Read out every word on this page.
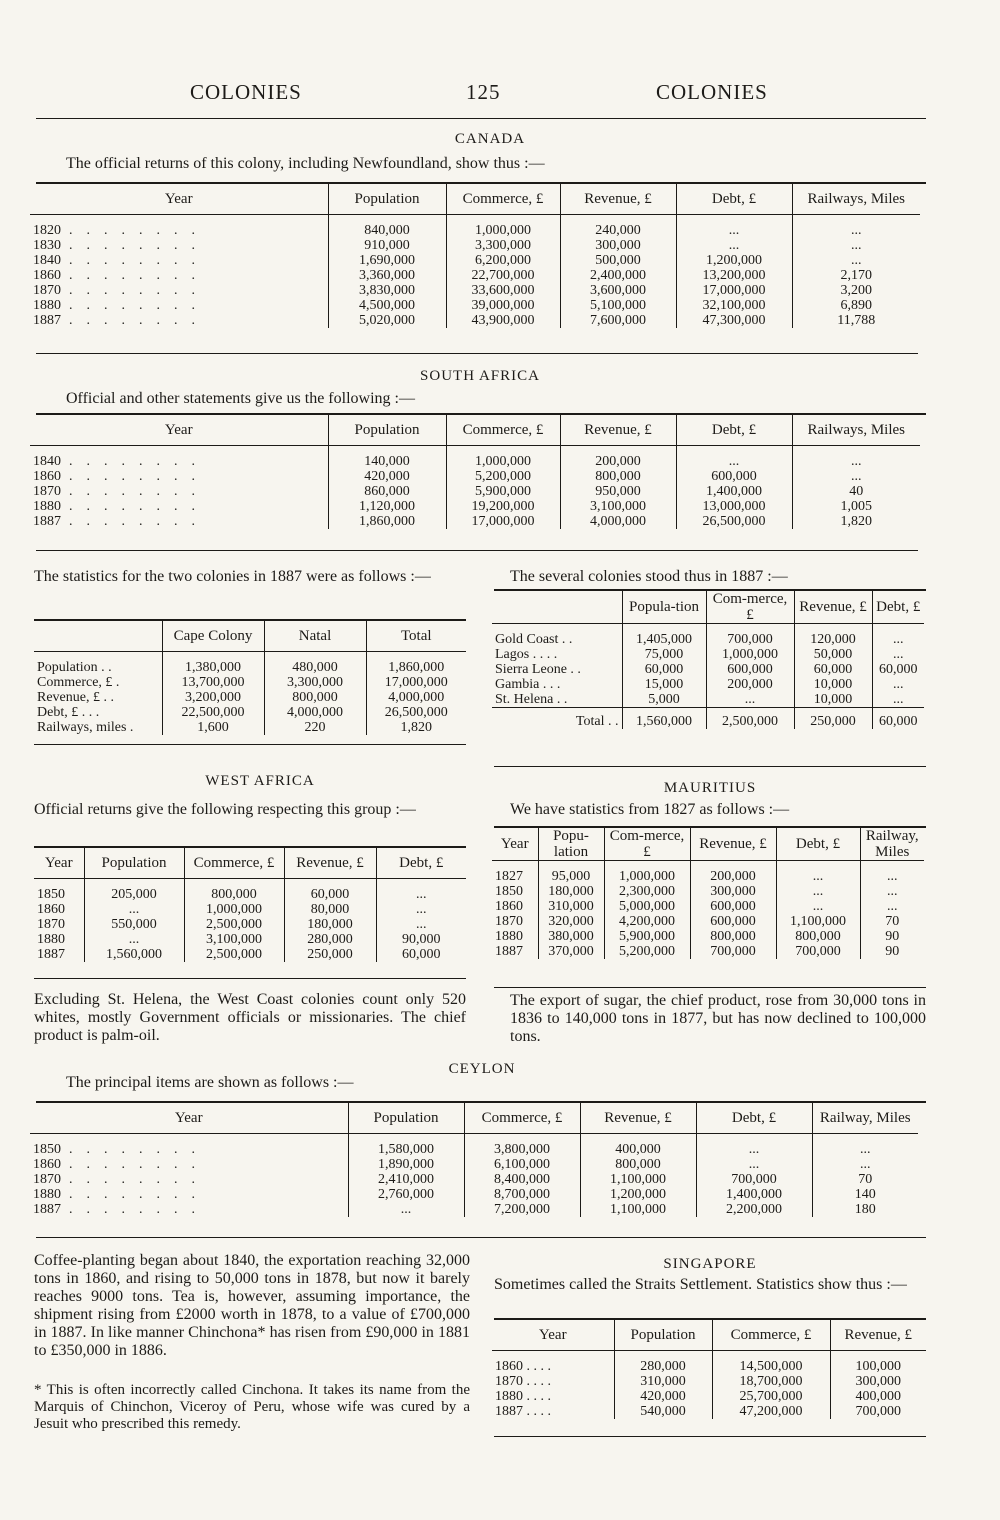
COLONIES	125	COLONIES
CANADA
The official returns of this colony, including Newfoundland, show thus :—
Year	Population	Commerce, £	Revenue, £	Debt, £	Railways, Miles
1820 ........	840,000	1,000,000	240,000	...	...
1830 ........	910,000	3,300,000	300,000	...	...
1840 ........	1,690,000	6,200,000	500,000	1,200,000	...
1860 ........	3,360,000	22,700,000	2,400,000	13,200,000	2,170
1870 ........	3,830,000	33,600,000	3,600,000	17,000,000	3,200
1880 ........	4,500,000	39,000,000	5,100,000	32,100,000	6,890
1887 ........	5,020,000	43,900,000	7,600,000	47,300,000	11,788
SOUTH AFRICA
Official and other statements give us the following :—
Year	Population	Commerce, £	Revenue, £	Debt, £	Railways, Miles
1840 ........	140,000	1,000,000	200,000	...	...
1860 ........	420,000	5,200,000	800,000	600,000	...
1870 ........	860,000	5,900,000	950,000	1,400,000	40
1880 ........	1,120,000	19,200,000	3,100,000	13,000,000	1,005
1887 ........	1,860,000	17,000,000	4,000,000	26,500,000	1,820
The statistics for the two colonies in 1887 were as follows :—
	Cape Colony	Natal	Total
Population . .	1,380,000	480,000	1,860,000
Commerce, £ .	13,700,000	3,300,000	17,000,000
Revenue, £ . .	3,200,000	800,000	4,000,000
Debt, £ . . .	22,500,000	4,000,000	26,500,000
Railways, miles .	1,600	220	1,820
WEST AFRICA
Official returns give the following respecting this group :—
Year	Population	Commerce, £	Revenue, £	Debt, £
1850	205,000	800,000	60,000	...
1860	...	1,000,000	80,000	...
1870	550,000	2,500,000	180,000	...
1880	...	3,100,000	280,000	90,000
1887	1,560,000	2,500,000	250,000	60,000
Excluding St. Helena, the West Coast colonies count only 520 whites, mostly Government officials or missionaries. The chief product is palm-oil.
The several colonies stood thus in 1887 :—
	Popula-tion	Com-merce, £	Revenue, £	Debt, £
Gold Coast . .	1,405,000	700,000	120,000	...
Lagos . . . .	75,000	1,000,000	50,000	...
Sierra Leone . .	60,000	600,000	60,000	60,000
Gambia . . .	15,000	200,000	10,000	...
St. Helena . .	5,000	...	10,000	...
Total . .	1,560,000	2,500,000	250,000	60,000
MAURITIUS
We have statistics from 1827 as follows :—
Year	Popu-lation	Com-merce, £	Revenue, £	Debt, £	Railway, Miles
1827	95,000	1,000,000	200,000	...	...
1850	180,000	2,300,000	300,000	...	...
1860	310,000	5,000,000	600,000	...	...
1870	320,000	4,200,000	600,000	1,100,000	70
1880	380,000	5,900,000	800,000	800,000	90
1887	370,000	5,200,000	700,000	700,000	90
The export of sugar, the chief product, rose from 30,000 tons in 1836 to 140,000 tons in 1877, but has now declined to 100,000 tons.
CEYLON
The principal items are shown as follows :—
Year	Population	Commerce, £	Revenue, £	Debt, £	Railway, Miles
1850 ........	1,580,000	3,800,000	400,000	...	...
1860 ........	1,890,000	6,100,000	800,000	...	...
1870 ........	2,410,000	8,400,000	1,100,000	700,000	70
1880 ........	2,760,000	8,700,000	1,200,000	1,400,000	140
1887 ........	...	7,200,000	1,100,000	2,200,000	180
Coffee-planting began about 1840, the exportation reaching 32,000 tons in 1860, and rising to 50,000 tons in 1878, but now it barely reaches 9000 tons. Tea is, however, assuming importance, the shipment rising from £2000 worth in 1878, to a value of £700,000 in 1887. In like manner Chinchona* has risen from £90,000 in 1881 to £350,000 in 1886.
* This is often incorrectly called Cinchona. It takes its name from the Marquis of Chinchon, Viceroy of Peru, whose wife was cured by a Jesuit who prescribed this remedy.
SINGAPORE
Sometimes called the Straits Settlement. Statistics show thus :—
Year	Population	Commerce, £	Revenue, £
1860 . . . .	280,000	14,500,000	100,000
1870 . . . .	310,000	18,700,000	300,000
1880 . . . .	420,000	25,700,000	400,000
1887 . . . .	540,000	47,200,000	700,000
